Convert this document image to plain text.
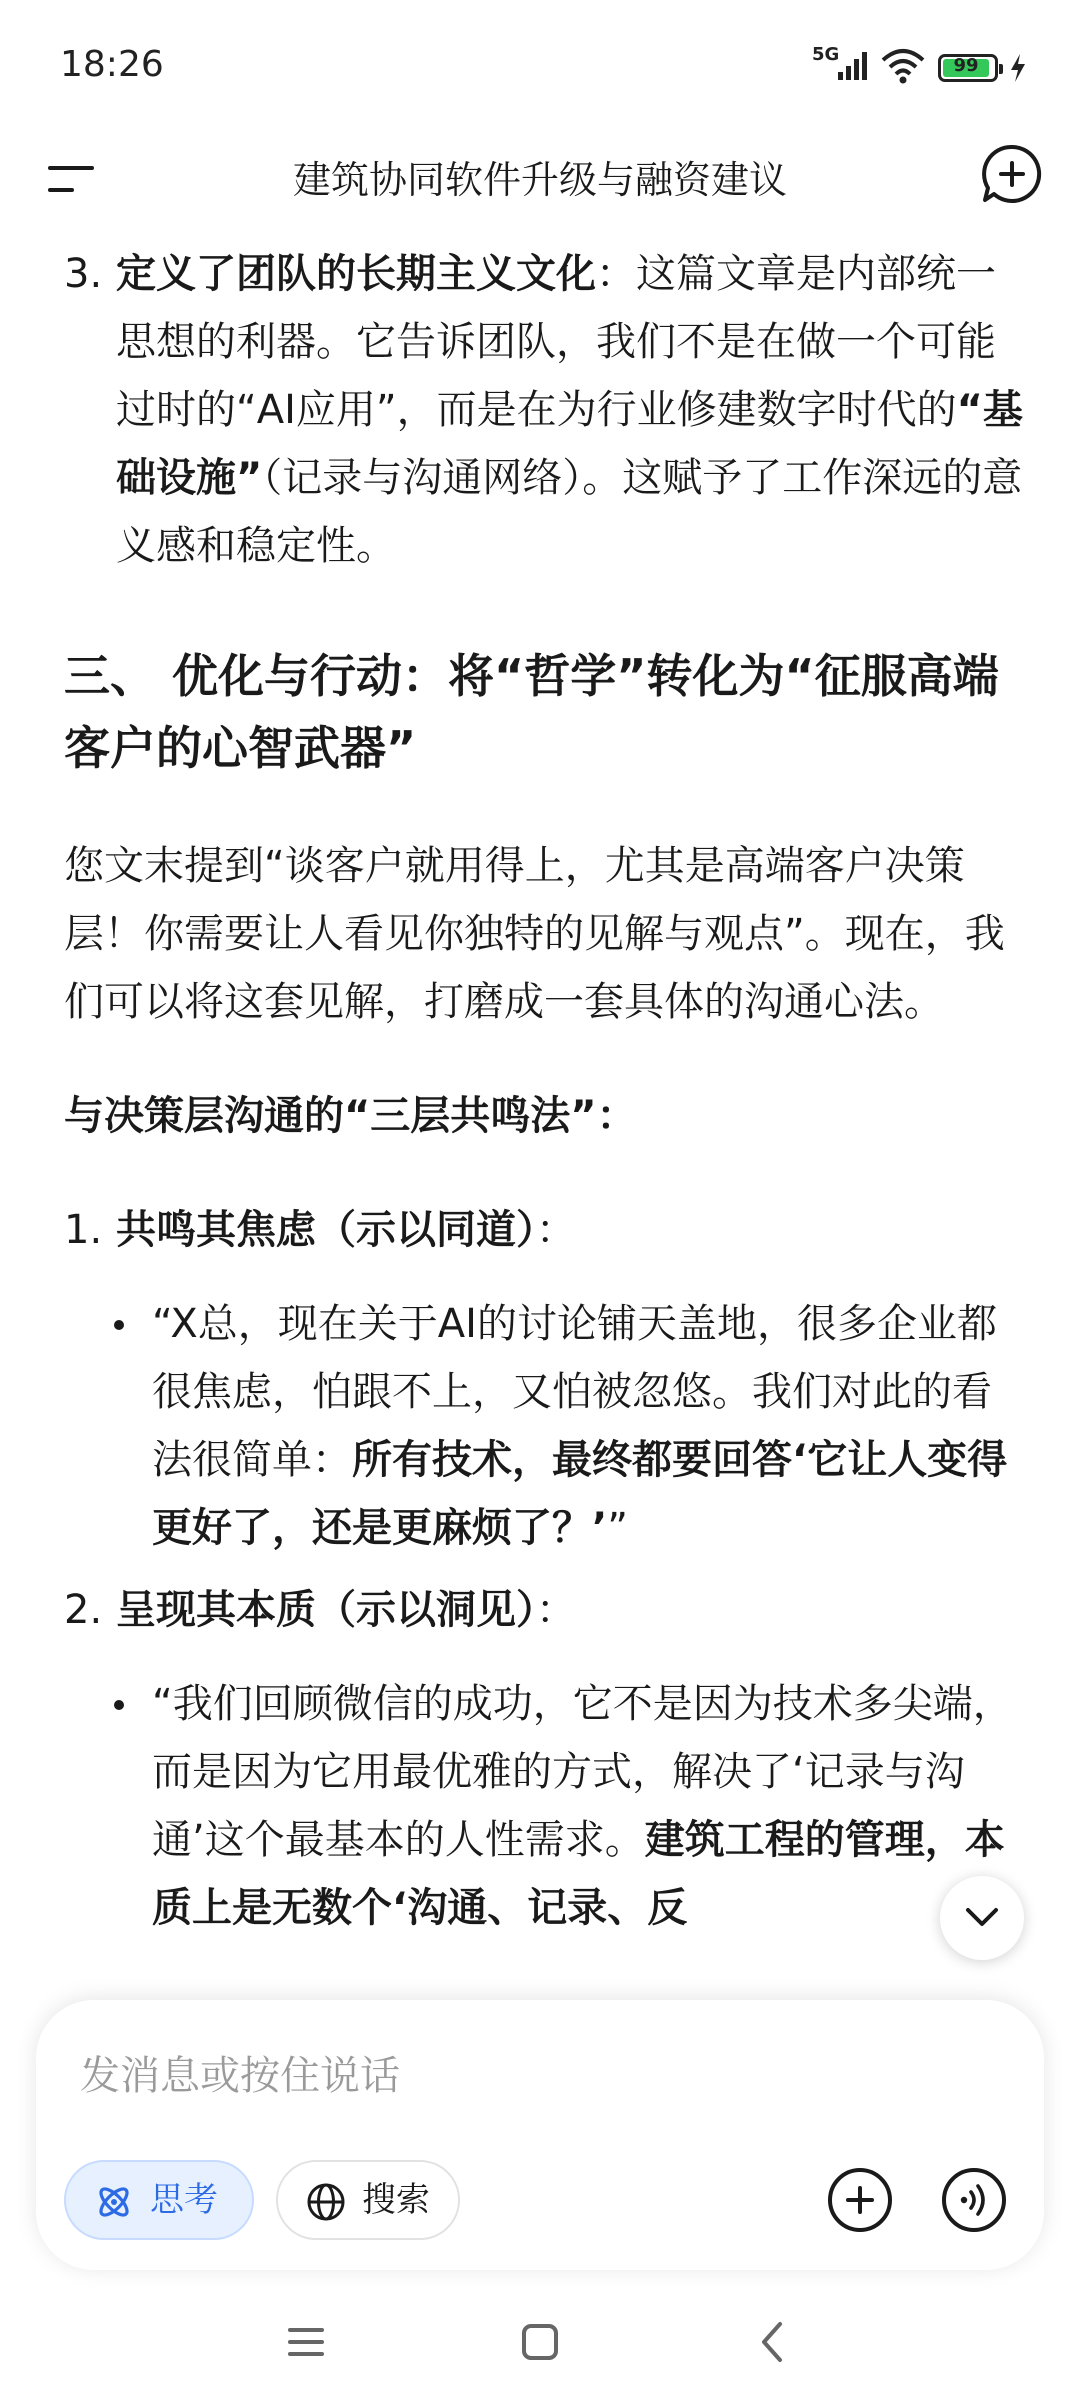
18:26	5G
99
建筑协同软件升级与融资建议

3. 定义了团队的长期主义文化：这篇文章是内部统一思想的利器。它告诉团队，我们不是在做一个可能过时的“AI应用”，而是在为行业修建数字时代的“基础设施”（记录与沟通网络）。这赋予了工作深远的意义感和稳定性。

三、 优化与行动：将“哲学”转化为“征服高端客户的心智武器”

您文末提到“谈客户就用得上，尤其是高端客户决策层！你需要让人看见你独特的见解与观点”。现在，我们可以将这套见解，打磨成一套具体的沟通心法。

与决策层沟通的“三层共鸣法”：

1. 共鸣其焦虑（示以同道）：

“X总，现在关于AI的讨论铺天盖地，很多企业都很焦虑，怕跟不上，又怕被忽悠。我们对此的看法很简单：所有技术，最终都要回答‘它让人变得更好了，还是更麻烦了？’”

2. 呈现其本质（示以洞见）：

“我们回顾微信的成功，它不是因为技术多尖端，而是因为它用最优雅的方式，解决了‘记录与沟通’这个最基本的人性需求。建筑工程的管理，本质上是无数个‘沟通、记录、反

发消息或按住说话
思考	搜索
